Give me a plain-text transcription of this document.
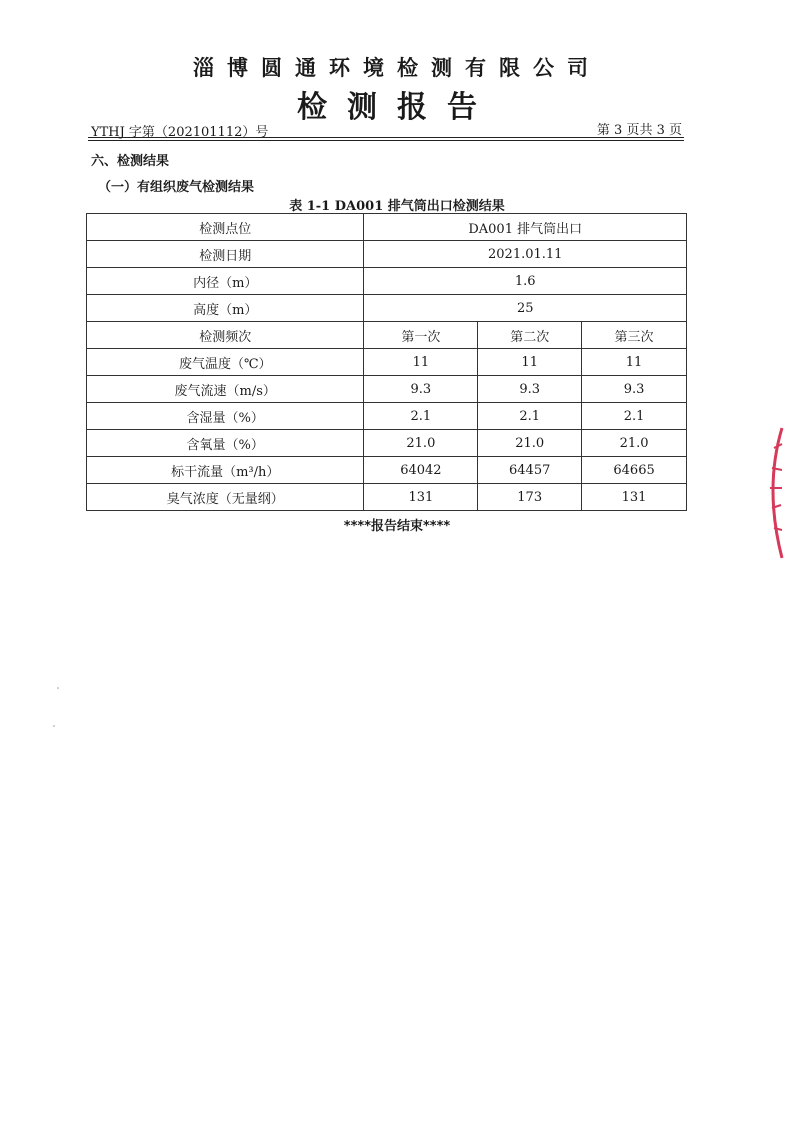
淄博圆通环境检测有限公司
检测报告
YTHJ 字第（202101112）号	第 3 页共 3 页
六、检测结果
（一）有组织废气检测结果
表 1-1 DA001 排气筒出口检测结果
检测点位	DA001 排气筒出口		
检测日期	2021.01.11		
内径（m）	1.6		
高度（m）	25		
检测频次	第一次	第二次	第三次
废气温度（℃）	11	11	11
废气流速（m/s）	9.3	9.3	9.3
含湿量（%）	2.1	2.1	2.1
含氧量（%）	21.0	21.0	21.0
标干流量（m³/h）	64042	64457	64665
臭气浓度（无量纲）	131	173	131
****报告结束****
